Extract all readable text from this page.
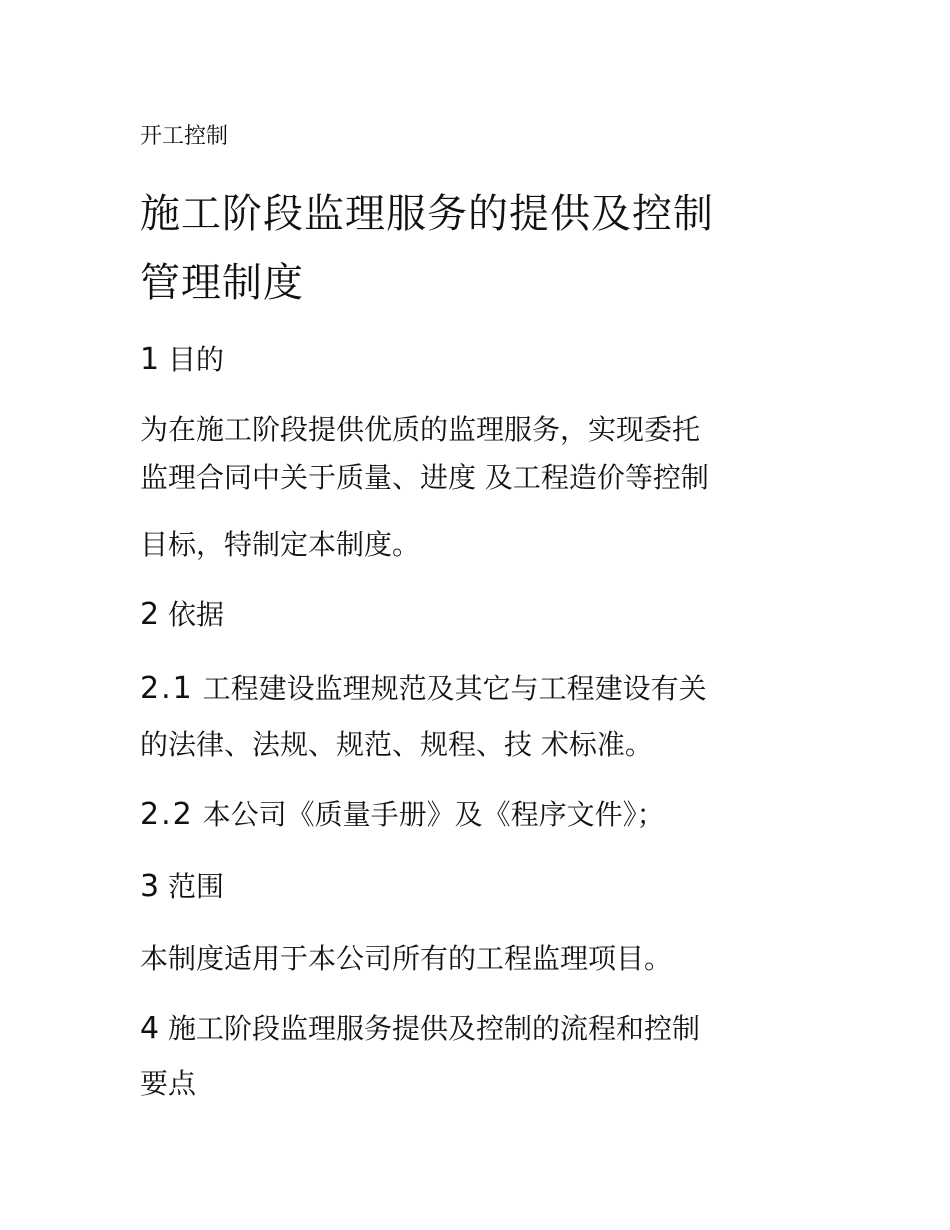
开工控制

施工阶段监理服务的提供及控制
管理制度
1 目的

为在施工阶段提供优质的监理服务，实现委托

监理合同中关于质量、进度 及工程造价等控制

目标，特制定本制度。

2 依据

2.1 工程建设监理规范及其它与工程建设有关

的法律、法规、规范、规程、技 术标准。

2.2 本公司《质量手册》及《程序文件》；

3 范围

本制度适用于本公司所有的工程监理项目。

4 施工阶段监理服务提供及控制的流程和控制

要点
